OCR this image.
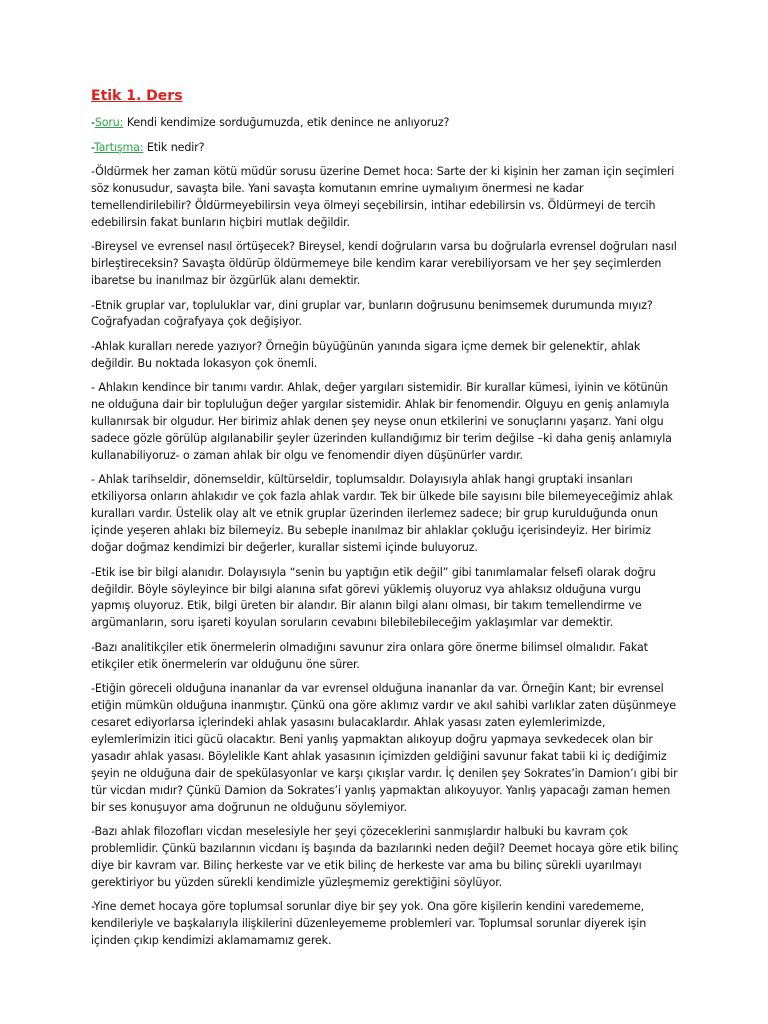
Etik 1. Ders

-Soru: Kendi kendimize sorduğumuzda, etik denince ne anlıyoruz?

-Tartışma: Etik nedir?

-Öldürmek her zaman kötü müdür sorusu üzerine Demet hoca: Sarte der ki kişinin her zaman için seçimleri söz konusudur, savaşta bile. Yani savaşta komutanın emrine uymalıyım önermesi ne kadar temellendirilebilir? Öldürmeyebilirsin veya ölmeyi seçebilirsin, intihar edebilirsin vs. Öldürmeyi de tercih edebilirsin fakat bunların hiçbiri mutlak değildir.

-Bireysel ve evrensel nasıl örtüşecek? Bireysel, kendi doğruların varsa bu doğrularla evrensel doğruları nasıl birleştireceksin? Savaşta öldürüp öldürmemeye bile kendim karar verebiliyorsam ve her şey seçimlerden ibaretse bu inanılmaz bir özgürlük alanı demektir.

-Etnik gruplar var, topluluklar var, dini gruplar var, bunların doğrusunu benimsemek durumunda mıyız? Coğrafyadan coğrafyaya çok değişiyor.

-Ahlak kuralları nerede yazıyor? Örneğin büyüğünün yanında sigara içme demek bir gelenektir, ahlak değildir. Bu noktada lokasyon çok önemli.

- Ahlakın kendince bir tanımı vardır. Ahlak, değer yargıları sistemidir. Bir kurallar kümesi, iyinin ve kötünün ne olduğuna dair bir topluluğun değer yargılar sistemidir. Ahlak bir fenomendir. Olguyu en geniş anlamıyla kullanırsak bir olgudur. Her birimiz ahlak denen şey neyse onun etkilerini ve sonuçlarını yaşarız. Yani olgu sadece gözle görülüp algılanabilir şeyler üzerinden kullandığımız bir terim değilse –ki daha geniş anlamıyla kullanabiliyoruz- o zaman ahlak bir olgu ve fenomendir diyen düşünürler vardır.

- Ahlak tarihseldir, dönemseldir, kültürseldir, toplumsaldır. Dolayısıyla ahlak hangi gruptaki insanları etkiliyorsa onların ahlakıdır ve çok fazla ahlak vardır. Tek bir ülkede bile sayısını bile bilemeyeceğimiz ahlak kuralları vardır. Üstelik olay alt ve etnik gruplar üzerinden ilerlemez sadece; bir grup kurulduğunda onun içinde yeşeren ahlakı biz bilemeyiz. Bu sebeple inanılmaz bir ahlaklar çokluğu içerisindeyiz. Her birimiz doğar doğmaz kendimizi bir değerler, kurallar sistemi içinde buluyoruz.

-Etik ise bir bilgi alanıdır. Dolayısıyla “senin bu yaptığın etik değil” gibi tanımlamalar felsefi olarak doğru değildir. Böyle söyleyince bir bilgi alanına sıfat görevi yüklemiş oluyoruz vya ahlaksız olduğuna vurgu yapmış oluyoruz. Etik, bilgi üreten bir alandır. Bir alanın bilgi alanı olması, bir takım temellendirme ve argümanların, soru işareti koyulan soruların cevabını bilebilebileceğim yaklaşımlar var demektir.

-Bazı analitikçiler etik önermelerin olmadığını savunur zira onlara göre önerme bilimsel olmalıdır. Fakat etikçiler etik önermelerin var olduğunu öne sürer.

-Etiğin göreceli olduğuna inananlar da var evrensel olduğuna inananlar da var. Örneğin Kant; bir evrensel etiğin mümkün olduğuna inanmıştır. Çünkü ona göre aklımız vardır ve akıl sahibi varlıklar zaten düşünmeye cesaret ediyorlarsa içlerindeki ahlak yasasını bulacaklardır. Ahlak yasası zaten eylemlerimizde, eylemlerimizin itici gücü olacaktır. Beni yanlış yapmaktan alıkoyup doğru yapmaya sevkedecek olan bir yasadır ahlak yasası. Böylelikle Kant ahlak yasasının içimizden geldiğini savunur fakat tabii ki iç dediğimiz şeyin ne olduğuna dair de spekülasyonlar ve karşı çıkışlar vardır. İç denilen şey Sokrates’in Damion’ı gibi bir tür vicdan mıdır? Çünkü Damion da Sokrates’i yanlış yapmaktan alıkoyuyor. Yanlış yapacağı zaman hemen bir ses konuşuyor ama doğrunun ne olduğunu söylemiyor.

-Bazı ahlak filozofları vicdan meselesiyle her şeyi çözeceklerini sanmışlardır halbuki bu kavram çok problemlidir. Çünkü bazılarının vicdanı iş başında da bazılarınki neden değil? Deemet hocaya göre etik bilinç diye bir kavram var. Bilinç herkeste var ve etik bilinç de herkeste var ama bu bilinç sürekli uyarılmayı gerektiriyor bu yüzden sürekli kendimizle yüzleşmemiz gerektiğini söylüyor.

-Yine demet hocaya göre toplumsal sorunlar diye bir şey yok. Ona göre kişilerin kendini varedememe, kendileriyle ve başkalarıyla ilişkilerini düzenleyememe problemleri var. Toplumsal sorunlar diyerek işin içinden çıkıp kendimizi aklamamamız gerek.
